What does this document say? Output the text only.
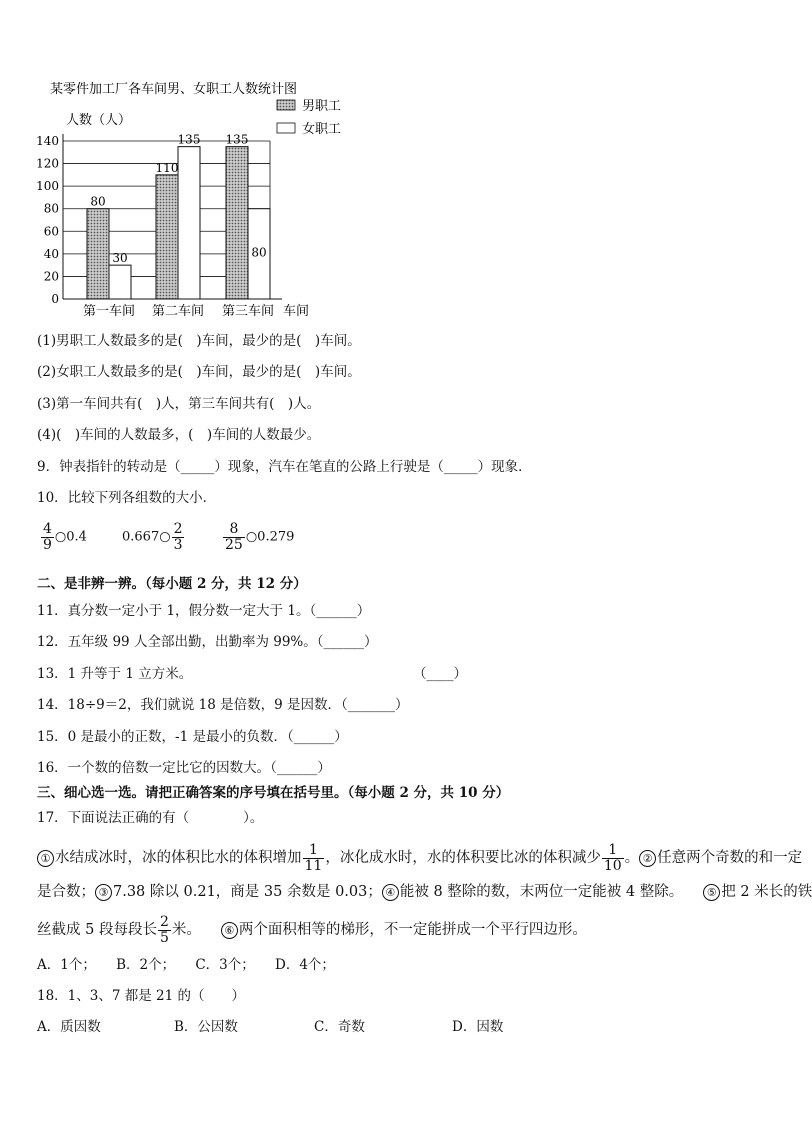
某零件加工厂各车间男、女职工人数统计图
人数（人）
0
20
40
60
80
100
120
140
80
30
110
135 135
80
第一车间 第二车间 第三车间 车间
男职工
女职工
(1)男职工人数最多的是(　)车间，最少的是(　)车间。
(2)女职工人数最多的是(　)车间，最少的是(　)车间。
(3)第一车间共有(　)人，第三车间共有(　)人。
(4)(　)车间的人数最多，(　)车间的人数最少。
9．钟表指针的转动是（_____）现象，汽车在笔直的公路上行驶是（_____）现象．
10．比较下列各组数的大小．
$\frac{4}{9}$ ○0.4	0.667○ $\frac{2}{3}$	$\frac{8}{25}$ ○0.279
二、是非辨一辨。（每小题 2 分，共 12 分）
11．真分数一定小于 1，假分数一定大于 1。（______）
12．五年级 99 人全部出勤，出勤率为 99%。（______）
13．1 升等于 1 立方米。	（____）
14．18÷9＝2，我们就说 18 是倍数，9 是因数．（_______）
15．0 是最小的正数，-1 是最小的负数．（______）
16．一个数的倍数一定比它的因数大。（______）
三、细心选一选。请把正确答案的序号填在括号里。（每小题 2 分，共 10 分）
17．下面说法正确的有（　　　　）。
① 水结成冰时，冰的体积比水的体积增加 $\frac{1}{11}$ ，冰化成水时，水的体积要比冰的体积减少 $\frac{1}{10}$ 。 ② 任意两个奇数的和一定
是合数； ③ 7.38 除以 0.21，商是 35 余数是 0.03； ④ 能被 8 整除的数，末两位一定能被 4 整除。 ⑤ 把 2 米长的铁
丝截成 5 段每段长 $\frac{2}{5}$ 米。 ⑥ 两个面积相等的梯形，不一定能拼成一个平行四边形。
A．1个；　　B．2个；　　C．3个；　　D．4个；
18．1、3、7 都是 21 的（　　）
A．质因数	B．公因数	C．奇数	D．因数
